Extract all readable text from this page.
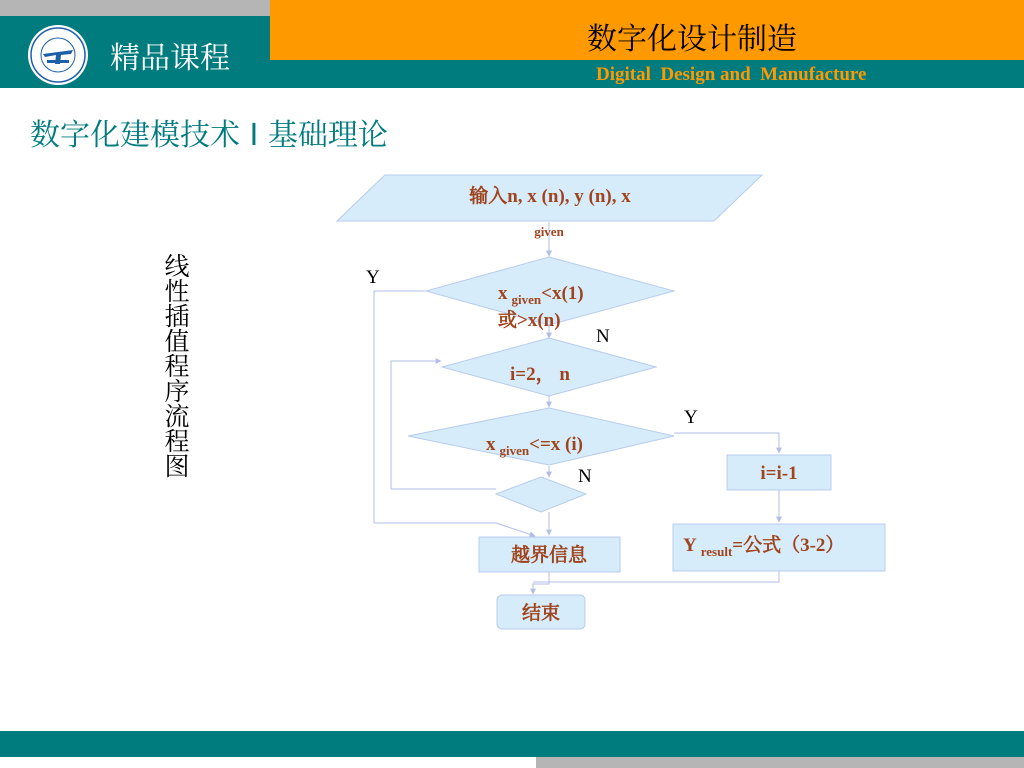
精品课程
数字化设计制造
Digital  Design and  Manufacture
数字化建模技术 I 基础理论
线性插值程序流程图
输入n, x (n), y (n), x
given
x $_{given}$<x(1)
或>x(n)
i=2， n
x $_{given}$<=x (i)
i=i-1
Y $_{result}$=公式（3-2）
越界信息
结束
Y
N
Y
N
